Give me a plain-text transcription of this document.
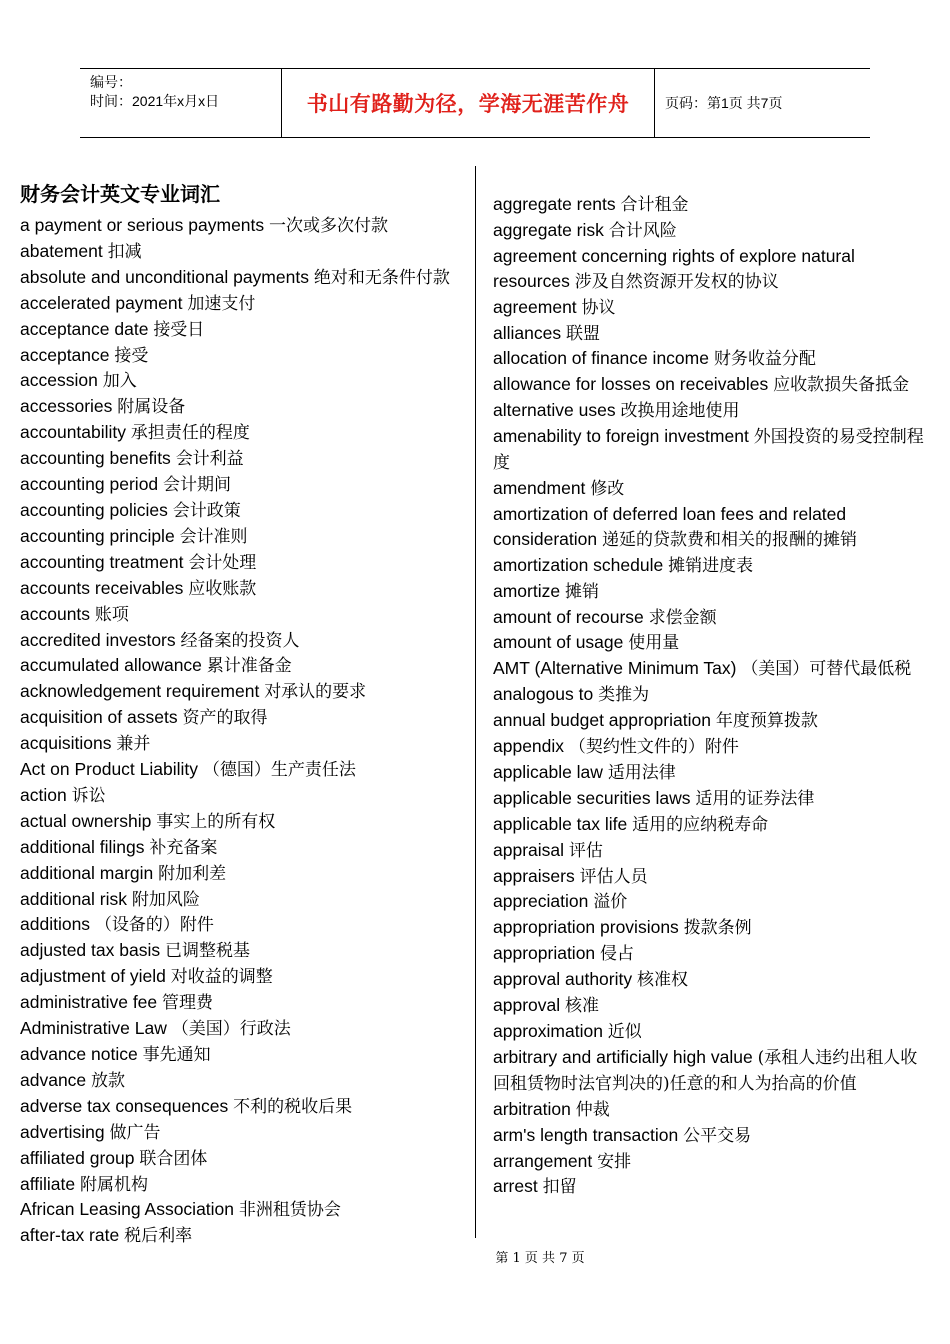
编号：
时间：2021年x月x日	书山有路勤为径，学海无涯苦作舟	页码：第1页 共7页
财务会计英文专业词汇
a payment or serious payments 一次或多次付款
abatement 扣减
absolute and unconditional payments 绝对和无条件付款
accelerated payment 加速支付
acceptance date 接受日
acceptance 接受
accession 加入
accessories 附属设备
accountability 承担责任的程度
accounting benefits 会计利益
accounting period 会计期间
accounting policies 会计政策
accounting principle 会计准则
accounting treatment 会计处理
accounts receivables 应收账款
accounts 账项
accredited investors 经备案的投资人
accumulated allowance 累计准备金
acknowledgement requirement 对承认的要求
acquisition of assets 资产的取得
acquisitions 兼并
Act on Product Liability （德国）生产责任法
action 诉讼
actual ownership 事实上的所有权
additional filings 补充备案
additional margin 附加利差
additional risk 附加风险
additions （设备的）附件
adjusted tax basis 已调整税基
adjustment of yield 对收益的调整
administrative fee 管理费
Administrative Law （美国）行政法
advance notice 事先通知
advance 放款
adverse tax consequences 不利的税收后果
advertising 做广告
affiliated group 联合团体
affiliate 附属机构
African Leasing Association 非洲租赁协会
after-tax rate 税后利率
aggregate rents 合计租金
aggregate risk 合计风险
agreement concerning rights of explore natural resources 涉及自然资源开发权的协议
agreement 协议
alliances 联盟
allocation of finance income 财务收益分配
allowance for losses on receivables 应收款损失备抵金
alternative uses 改换用途地使用
amenability to foreign investment 外国投资的易受控制程度
amendment 修改
amortization of deferred loan fees and related consideration 递延的贷款费和相关的报酬的摊销
amortization schedule 摊销进度表
amortize 摊销
amount of recourse 求偿金额
amount of usage 使用量
AMT (Alternative Minimum Tax) （美国）可替代最低税
analogous to 类推为
annual budget appropriation 年度预算拨款
appendix （契约性文件的）附件
applicable law 适用法律
applicable securities laws 适用的证券法律
applicable tax life 适用的应纳税寿命
appraisal 评估
appraisers 评估人员
appreciation 溢价
appropriation provisions 拨款条例
appropriation 侵占
approval authority 核准权
approval 核准
approximation 近似
arbitrary and artificially high value (承租人违约出租人收回租赁物时法官判决的)任意的和人为抬高的价值
arbitration 仲裁
arm's length transaction 公平交易
arrangement 安排
arrest 扣留
第 1 页 共 7 页
